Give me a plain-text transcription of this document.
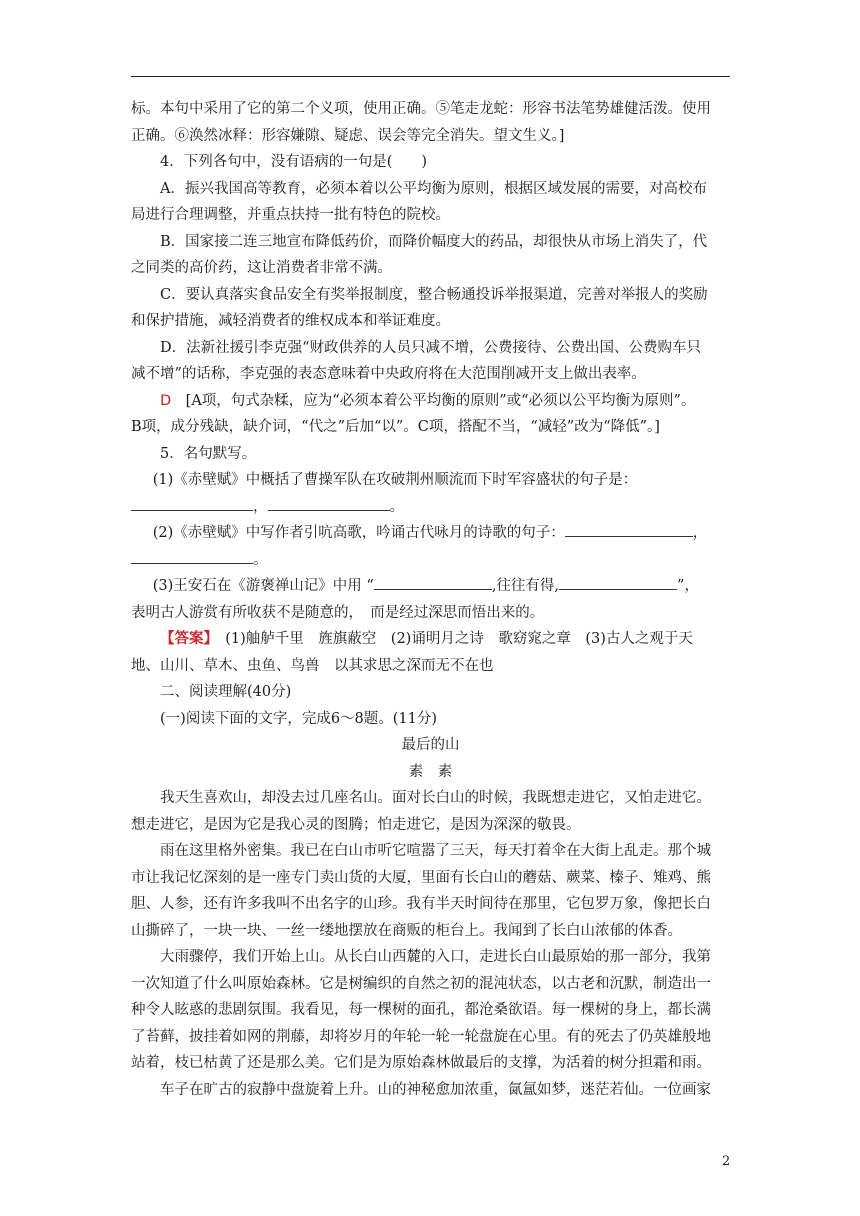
标。本句中采用了它的第二个义项，使用正确。⑤笔走龙蛇：形容书法笔势雄健活泼。使用

正确。⑥涣然冰释：形容嫌隙、疑虑、误会等完全消失。望文生义。]

4．下列各句中，没有语病的一句是(　　)

A．振兴我国高等教育，必须本着以公平均衡为原则，根据区域发展的需要，对高校布

局进行合理调整，并重点扶持一批有特色的院校。

B．国家接二连三地宣布降低药价，而降价幅度大的药品，却很快从市场上消失了，代

之同类的高价药，这让消费者非常不满。

C．要认真落实食品安全有奖举报制度，整合畅通投诉举报渠道，完善对举报人的奖励

和保护措施，减轻消费者的维权成本和举证难度。

D．法新社援引李克强“财政供养的人员只减不增，公费接待、公费出国、公费购车只

减不增”的话称，李克强的表态意味着中央政府将在大范围削减开支上做出表率。

D　 [A项，句式杂糅，应为“必须本着公平均衡的原则”或“必须以公平均衡为原则”。

B项，成分残缺，缺介词，“代之”后加“以”。C项，搭配不当，“减轻”改为“降低”。]

5．名句默写。

(1)《赤壁赋》中概括了曹操军队在攻破荆州顺流而下时军容盛状的句子是：

，	。

(2)《赤壁赋》中写作者引吭高歌，吟诵古代咏月的诗歌的句子：	，

。

(3)王安石在《游褒禅山记》中用 “	,往往有得,	”，

表明古人游赏有所收获不是随意的，　而是经过深思而悟出来的。

【答案】　(1)舳舻千里　旌旗蔽空　(2)诵明月之诗　歌窈窕之章　(3)古人之观于天

地、山川、草木、虫鱼、鸟兽　以其求思之深而无不在也

二、阅读理解(40分)

(一)阅读下面的文字，完成6～8题。(11分)

最后的山

素　素

我天生喜欢山，却没去过几座名山。面对长白山的时候，我既想走进它，又怕走进它。

想走进它，是因为它是我心灵的图腾；怕走进它，是因为深深的敬畏。

雨在这里格外密集。我已在白山市听它喧嚣了三天，每天打着伞在大街上乱走。那个城

市让我记忆深刻的是一座专门卖山货的大厦，里面有长白山的蘑菇、蕨菜、榛子、雉鸡、熊

胆、人参，还有许多我叫不出名字的山珍。我有半天时间待在那里，它包罗万象，像把长白

山撕碎了，一块一块、一丝一缕地摆放在商贩的柜台上。我闻到了长白山浓郁的体香。

大雨骤停，我们开始上山。从长白山西麓的入口，走进长白山最原始的那一部分，我第

一次知道了什么叫原始森林。它是树编织的自然之初的混沌状态，以古老和沉默，制造出一

种令人眩惑的悲剧氛围。我看见，每一棵树的面孔，都沧桑欲语。每一棵树的身上，都长满

了苔藓，披挂着如网的荆藤，却将岁月的年轮一轮一轮盘旋在心里。有的死去了仍英雄般地

站着，枝已枯黄了还是那么美。它们是为原始森林做最后的支撑，为活着的树分担霜和雨。

车子在旷古的寂静中盘旋着上升。山的神秘愈加浓重，氤氲如梦，迷茫若仙。一位画家

2
